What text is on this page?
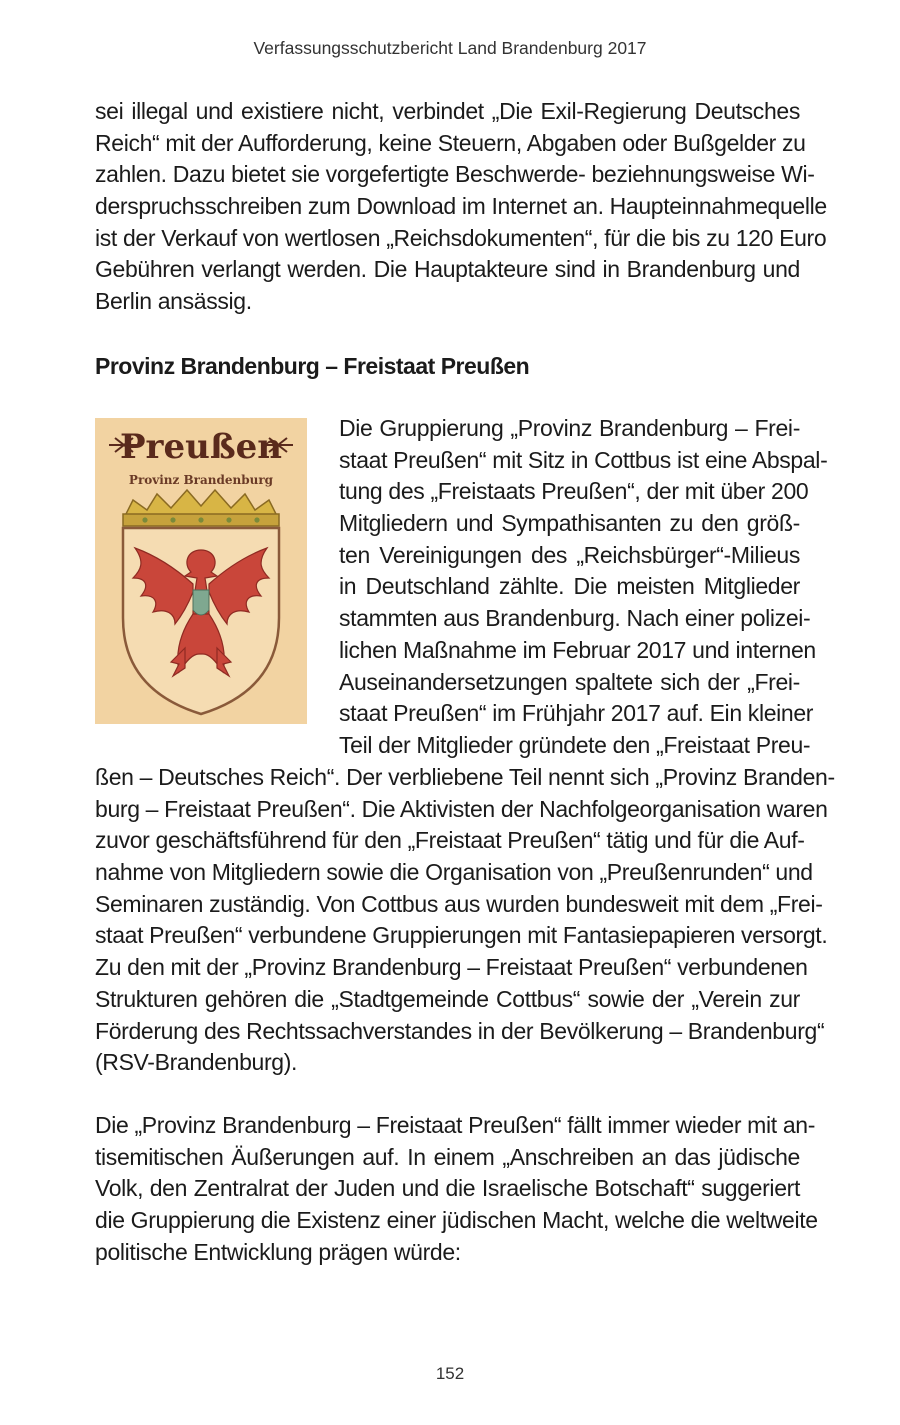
Verfassungsschutzbericht Land Brandenburg 2017
sei illegal und existiere nicht, verbindet „Die Exil-Regierung Deutsches
Reich“ mit der Aufforderung, keine Steuern, Abgaben oder Bußgelder zu
zahlen. Dazu bietet sie vorgefertigte Beschwerde- beziehnungsweise Wi-
derspruchsschreiben zum Download im Internet an. Haupteinnahmequelle
ist der Verkauf von wertlosen „Reichsdokumenten“, für die bis zu 120 Euro
Gebühren verlangt werden. Die Hauptakteure sind in Brandenburg und
Berlin ansässig.
Provinz Brandenburg – Freistaat Preußen
Preußen
Provinz Brandenburg
Die Gruppierung „Provinz Brandenburg – Frei-
staat Preußen“ mit Sitz in Cottbus ist eine Abspal-
tung des „Freistaats Preußen“, der mit über 200
Mitgliedern und Sympathisanten zu den größ-
ten Vereinigungen des „Reichsbürger“-Milieus
in Deutschland zählte. Die meisten Mitglieder
stammten aus Brandenburg. Nach einer polizei-
lichen Maßnahme im Februar 2017 und internen
Auseinandersetzungen spaltete sich der „Frei-
staat Preußen“ im Frühjahr 2017 auf. Ein kleiner
Teil der Mitglieder gründete den „Freistaat Preu-
ßen – Deutsches Reich“. Der verbliebene Teil nennt sich „Provinz Branden-
burg – Freistaat Preußen“. Die Aktivisten der Nachfolgeorganisation waren
zuvor geschäftsführend für den „Freistaat Preußen“ tätig und für die Auf-
nahme von Mitgliedern sowie die Organisation von „Preußenrunden“ und
Seminaren zuständig. Von Cottbus aus wurden bundesweit mit dem „Frei-
staat Preußen“ verbundene Gruppierungen mit Fantasiepapieren versorgt.
Zu den mit der „Provinz Brandenburg – Freistaat Preußen“ verbundenen
Strukturen gehören die „Stadtgemeinde Cottbus“ sowie der „Verein zur
Förderung des Rechtssachverstandes in der Bevölkerung – Brandenburg“
(RSV-Brandenburg).
Die „Provinz Brandenburg – Freistaat Preußen“ fällt immer wieder mit an-
tisemitischen Äußerungen auf. In einem „Anschreiben an das jüdische
Volk, den Zentralrat der Juden und die Israelische Botschaft“ suggeriert
die Gruppierung die Existenz einer jüdischen Macht, welche die weltweite
politische Entwicklung prägen würde:
152
